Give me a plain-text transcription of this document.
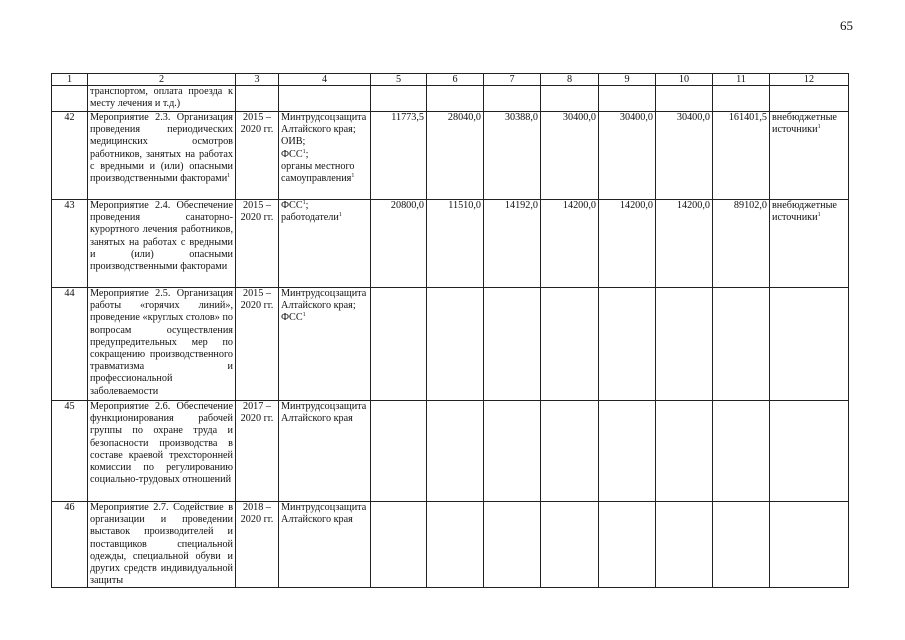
65
1	2	3	4	5	6	7	8	9	10	11	12
	транспортом, оплата проезда к месту лечения и т.д.)										
42	Мероприятие 2.3. Организация проведения периодических медицинских осмотров работников, занятых на работах с вредными и (или) опасными производственными факторами$^1$	2015 – 2020 гг.	Минтрудсоцзащита Алтайского края;
ОИВ;
ФСС$^1$;
органы местного самоуправления$^1$	11773,5	28040,0	30388,0	30400,0	30400,0	30400,0	161401,5	внебюджетные источники$^1$
43	Мероприятие 2.4. Обеспечение проведения санаторно-курортного лечения работников, занятых на работах с вредными и (или) опасными производственными факторами	2015 – 2020 гг.	ФСС$^1$;
работодатели$^1$	20800,0	11510,0	14192,0	14200,0	14200,0	14200,0	89102,0	внебюджетные источники$^1$
44	Мероприятие 2.5. Организация работы «горячих линий», проведение «круглых столов» по вопросам осуществления предупредительных мер по сокращению производственного травматизма и профессиональной заболеваемости	2015 – 2020 гг.	Минтрудсоцзащита Алтайского края;
ФСС$^1$

45	Мероприятие 2.6. Обеспечение функционирования рабочей группы по охране труда и безопасности производства в составе краевой трехсторонней комиссии по регулированию социально-трудовых отношений	2017 – 2020 гг.	Минтрудсоцзащита Алтайского края								

46	Мероприятие 2.7. Содействие в организации и проведении выставок производителей и поставщиков специальной одежды, специальной обуви и других средств индивидуальной защиты	2018 – 2020 гг.	Минтрудсоцзащита Алтайского края								
